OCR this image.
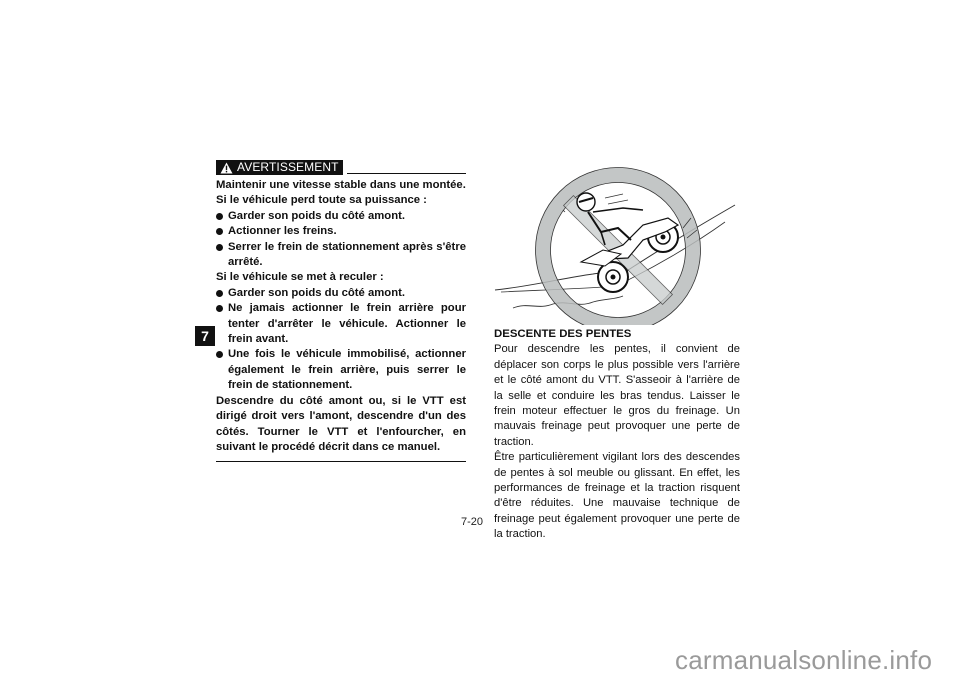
7
AVERTISSEMENT

Maintenir une vitesse stable dans une montée.

Si le véhicule perd toute sa puissance :

Garder son poids du côté amont.

Actionner les freins.

Serrer le frein de stationnement après s'être arrêté.

Si le véhicule se met à reculer :

Garder son poids du côté amont.

Ne jamais actionner le frein arrière pour tenter d'arrêter le véhicule. Actionner le frein avant.

Une fois le véhicule immobilisé, actionner également le frein arrière, puis serrer le frein de stationnement.

Descendre du côté amont ou, si le VTT est dirigé droit vers l'amont, descendre d'un des côtés. Tourner le VTT et l'enfourcher, en suivant le procédé décrit dans ce manuel.

DESCENTE DES PENTES

Pour descendre les pentes, il convient de déplacer son corps le plus possible vers l'arrière et le côté amont du VTT. S'asseoir à l'arrière de la selle et conduire les bras tendus. Laisser le frein moteur effectuer le gros du freinage. Un mauvais freinage peut provoquer une perte de traction.

Être particulièrement vigilant lors des descendes de pentes à sol meuble ou glissant. En effet, les performances de freinage et la traction risquent d'être réduites. Une mauvaise technique de freinage peut également provoquer une perte de la traction.

7-20
carmanualsonline.info
